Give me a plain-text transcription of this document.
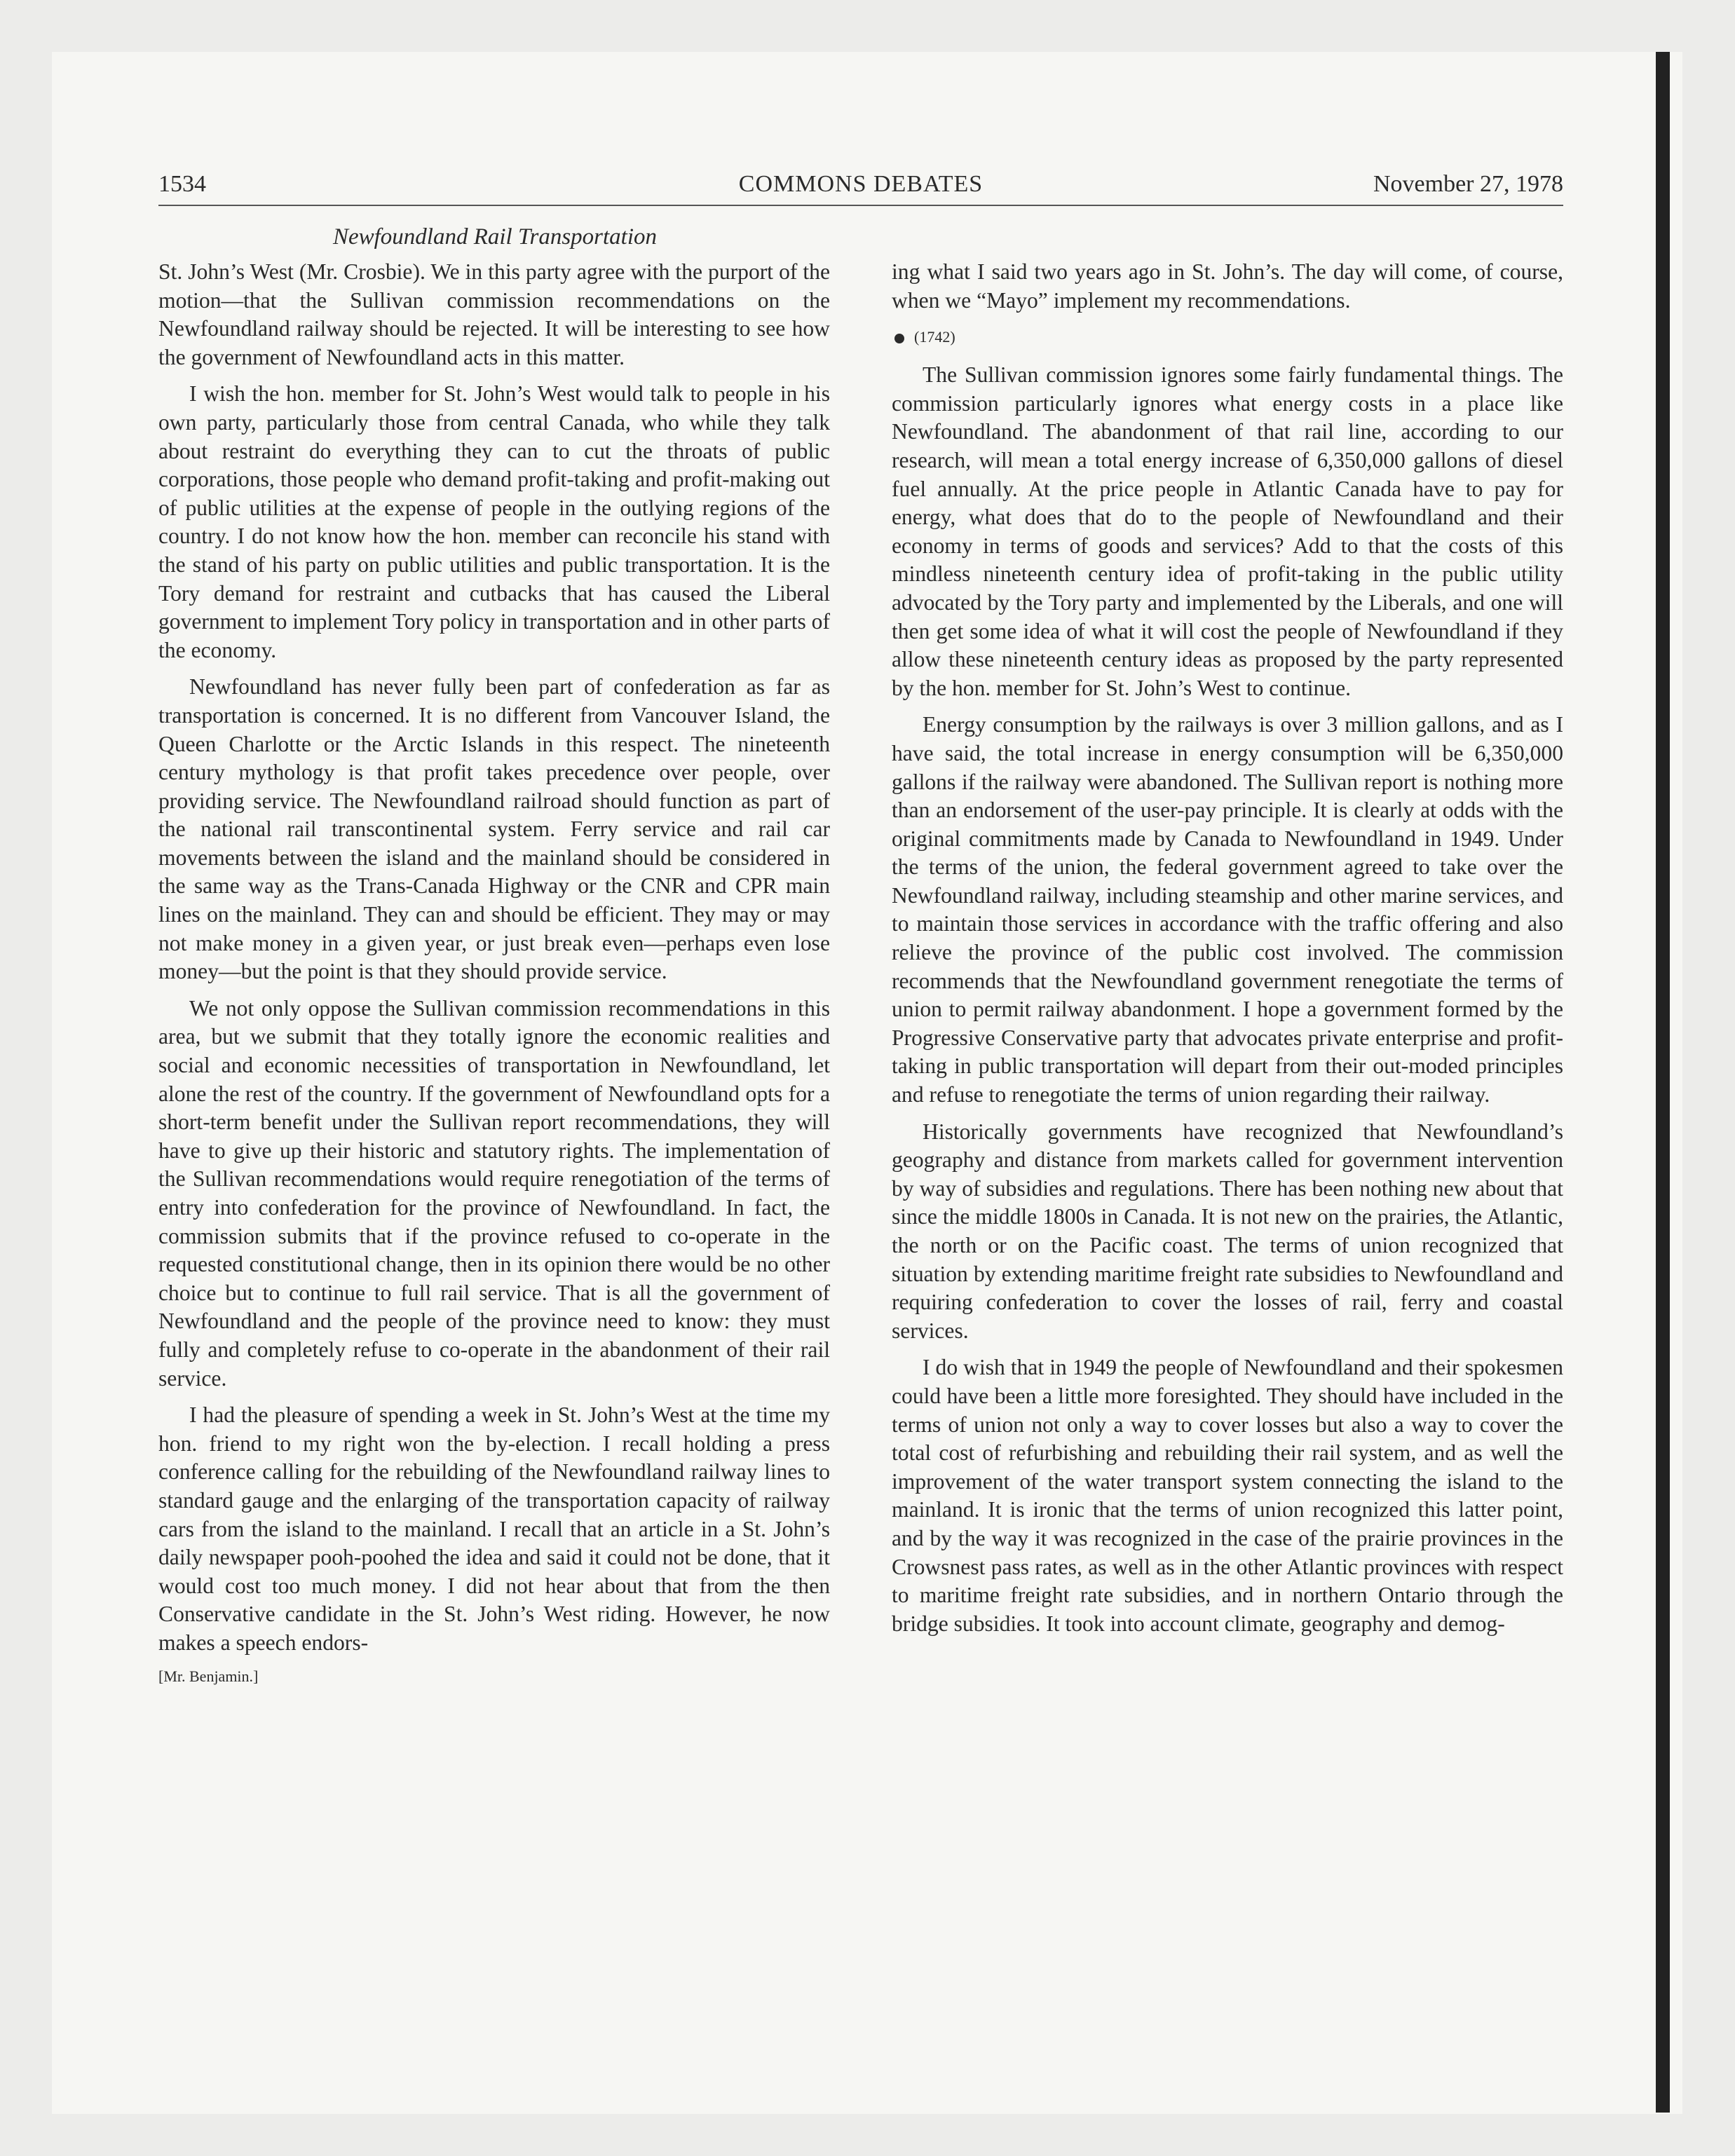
1534	COMMONS DEBATES	November 27, 1978
Newfoundland Rail Transportation

St. John’s West (Mr. Crosbie). We in this party agree with the purport of the motion—that the Sullivan commission recommendations on the Newfoundland railway should be rejected. It will be interesting to see how the government of Newfoundland acts in this matter.

I wish the hon. member for St. John’s West would talk to people in his own party, particularly those from central Canada, who while they talk about restraint do everything they can to cut the throats of public corporations, those people who demand profit-taking and profit-making out of public utilities at the expense of people in the outlying regions of the country. I do not know how the hon. member can reconcile his stand with the stand of his party on public utilities and public transportation. It is the Tory demand for restraint and cutbacks that has caused the Liberal government to implement Tory policy in transportation and in other parts of the economy.

Newfoundland has never fully been part of confederation as far as transportation is concerned. It is no different from Vancouver Island, the Queen Charlotte or the Arctic Islands in this respect. The nineteenth century mythology is that profit takes precedence over people, over providing service. The Newfoundland railroad should function as part of the national rail transcontinental system. Ferry service and rail car movements between the island and the mainland should be considered in the same way as the Trans-Canada Highway or the CNR and CPR main lines on the mainland. They can and should be efficient. They may or may not make money in a given year, or just break even—perhaps even lose money—but the point is that they should provide service.

We not only oppose the Sullivan commission recommendations in this area, but we submit that they totally ignore the economic realities and social and economic necessities of transportation in Newfoundland, let alone the rest of the country. If the government of Newfoundland opts for a short-term benefit under the Sullivan report recommendations, they will have to give up their historic and statutory rights. The implementation of the Sullivan recommendations would require renegotiation of the terms of entry into confederation for the province of Newfoundland. In fact, the commission submits that if the province refused to co-operate in the requested constitutional change, then in its opinion there would be no other choice but to continue to full rail service. That is all the government of Newfoundland and the people of the province need to know: they must fully and completely refuse to co-operate in the abandonment of their rail service.

I had the pleasure of spending a week in St. John’s West at the time my hon. friend to my right won the by-election. I recall holding a press conference calling for the rebuilding of the Newfoundland railway lines to standard gauge and the enlarging of the transportation capacity of railway cars from the island to the mainland. I recall that an article in a St. John’s daily newspaper pooh-poohed the idea and said it could not be done, that it would cost too much money. I did not hear about that from the then Conservative candidate in the St. John’s West riding. However, he now makes a speech endors-

[Mr. Benjamin.]

ing what I said two years ago in St. John’s. The day will come, of course, when we “Mayo” implement my recommendations.

(1742)

The Sullivan commission ignores some fairly fundamental things. The commission particularly ignores what energy costs in a place like Newfoundland. The abandonment of that rail line, according to our research, will mean a total energy increase of 6,350,000 gallons of diesel fuel annually. At the price people in Atlantic Canada have to pay for energy, what does that do to the people of Newfoundland and their economy in terms of goods and services? Add to that the costs of this mindless nineteenth century idea of profit-taking in the public utility advocated by the Tory party and implemented by the Liberals, and one will then get some idea of what it will cost the people of Newfoundland if they allow these nineteenth century ideas as proposed by the party represented by the hon. member for St. John’s West to continue.

Energy consumption by the railways is over 3 million gallons, and as I have said, the total increase in energy consumption will be 6,350,000 gallons if the railway were abandoned. The Sullivan report is nothing more than an endorsement of the user-pay principle. It is clearly at odds with the original commitments made by Canada to Newfoundland in 1949. Under the terms of the union, the federal government agreed to take over the Newfoundland railway, including steamship and other marine services, and to maintain those services in accordance with the traffic offering and also relieve the province of the public cost involved. The commission recommends that the Newfoundland government renegotiate the terms of union to permit railway abandonment. I hope a government formed by the Progressive Conservative party that advocates private enterprise and profit-taking in public transportation will depart from their out-moded principles and refuse to renegotiate the terms of union regarding their railway.

Historically governments have recognized that Newfoundland’s geography and distance from markets called for government intervention by way of subsidies and regulations. There has been nothing new about that since the middle 1800s in Canada. It is not new on the prairies, the Atlantic, the north or on the Pacific coast. The terms of union recognized that situation by extending maritime freight rate subsidies to Newfoundland and requiring confederation to cover the losses of rail, ferry and coastal services.

I do wish that in 1949 the people of Newfoundland and their spokesmen could have been a little more foresighted. They should have included in the terms of union not only a way to cover losses but also a way to cover the total cost of refurbishing and rebuilding their rail system, and as well the improvement of the water transport system connecting the island to the mainland. It is ironic that the terms of union recognized this latter point, and by the way it was recognized in the case of the prairie provinces in the Crowsnest pass rates, as well as in the other Atlantic provinces with respect to maritime freight rate subsidies, and in northern Ontario through the bridge subsidies. It took into account climate, geography and demog-
